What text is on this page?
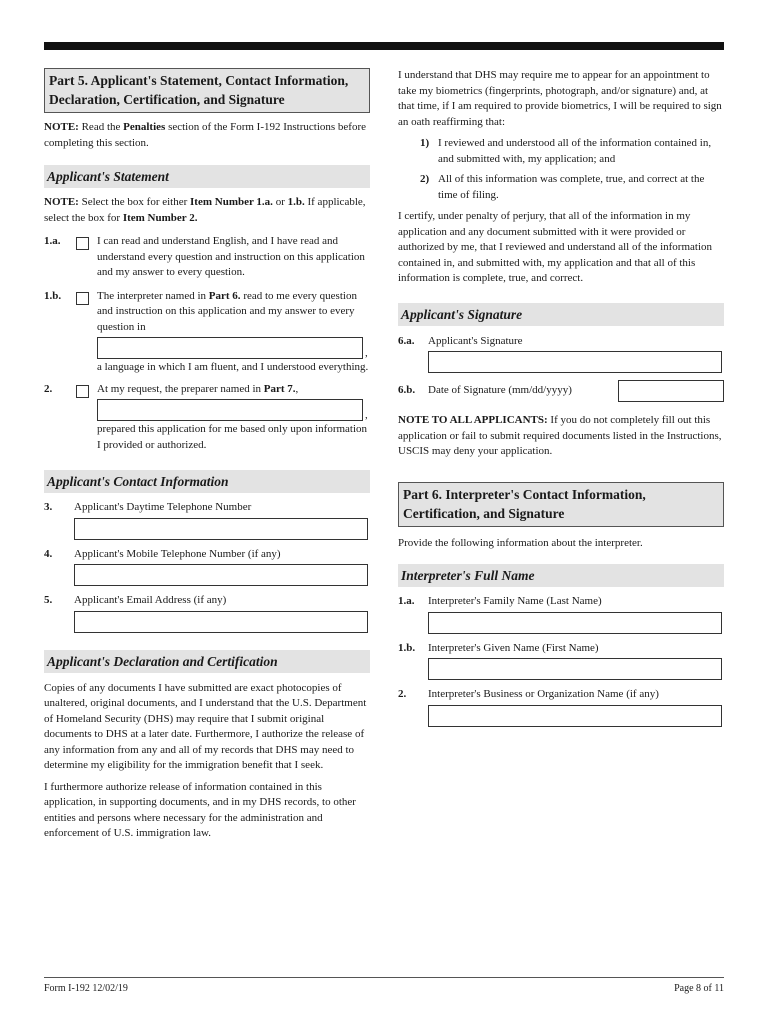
Part 5. Applicant's Statement, Contact Information, Declaration, Certification, and Signature
NOTE: Read the Penalties section of the Form I-192 Instructions before completing this section.
Applicant's Statement
NOTE: Select the box for either Item Number 1.a. or 1.b. If applicable, select the box for Item Number 2.
1.a.	I can read and understand English, and I have read and understand every question and instruction on this application and my answer to every question.
1.b.	The interpreter named in Part 6. read to me every question and instruction on this application and my answer to every question in
,
a language in which I am fluent, and I understood everything.
2.	At my request, the preparer named in Part 7.,
,
prepared this application for me based only upon information I provided or authorized.
Applicant's Contact Information
3. Applicant's Daytime Telephone Number
4. Applicant's Mobile Telephone Number (if any)
5. Applicant's Email Address (if any)
Applicant's Declaration and Certification
Copies of any documents I have submitted are exact photocopies of unaltered, original documents, and I understand that the U.S. Department of Homeland Security (DHS) may require that I submit original documents to DHS at a later date. Furthermore, I authorize the release of any information from any and all of my records that DHS may need to determine my eligibility for the immigration benefit that I seek.
I furthermore authorize release of information contained in this application, in supporting documents, and in my DHS records, to other entities and persons where necessary for the administration and enforcement of U.S. immigration law.
I understand that DHS may require me to appear for an appointment to take my biometrics (fingerprints, photograph, and/or signature) and, at that time, if I am required to provide biometrics, I will be required to sign an oath reaffirming that:
1) I reviewed and understood all of the information contained in, and submitted with, my application; and
2) All of this information was complete, true, and correct at the time of filing.
I certify, under penalty of perjury, that all of the information in my application and any document submitted with it were provided or authorized by me, that I reviewed and understand all of the information contained in, and submitted with, my application and that all of this information is complete, true, and correct.
Applicant's Signature
6.a. Applicant's Signature
6.b. Date of Signature (mm/dd/yyyy)
NOTE TO ALL APPLICANTS: If you do not completely fill out this application or fail to submit required documents listed in the Instructions, USCIS may deny your application.
Part 6. Interpreter's Contact Information, Certification, and Signature
Provide the following information about the interpreter.
Interpreter's Full Name
1.a. Interpreter's Family Name (Last Name)
1.b. Interpreter's Given Name (First Name)
2. Interpreter's Business or Organization Name (if any)
Form I-192 12/02/19	Page 8 of 11
